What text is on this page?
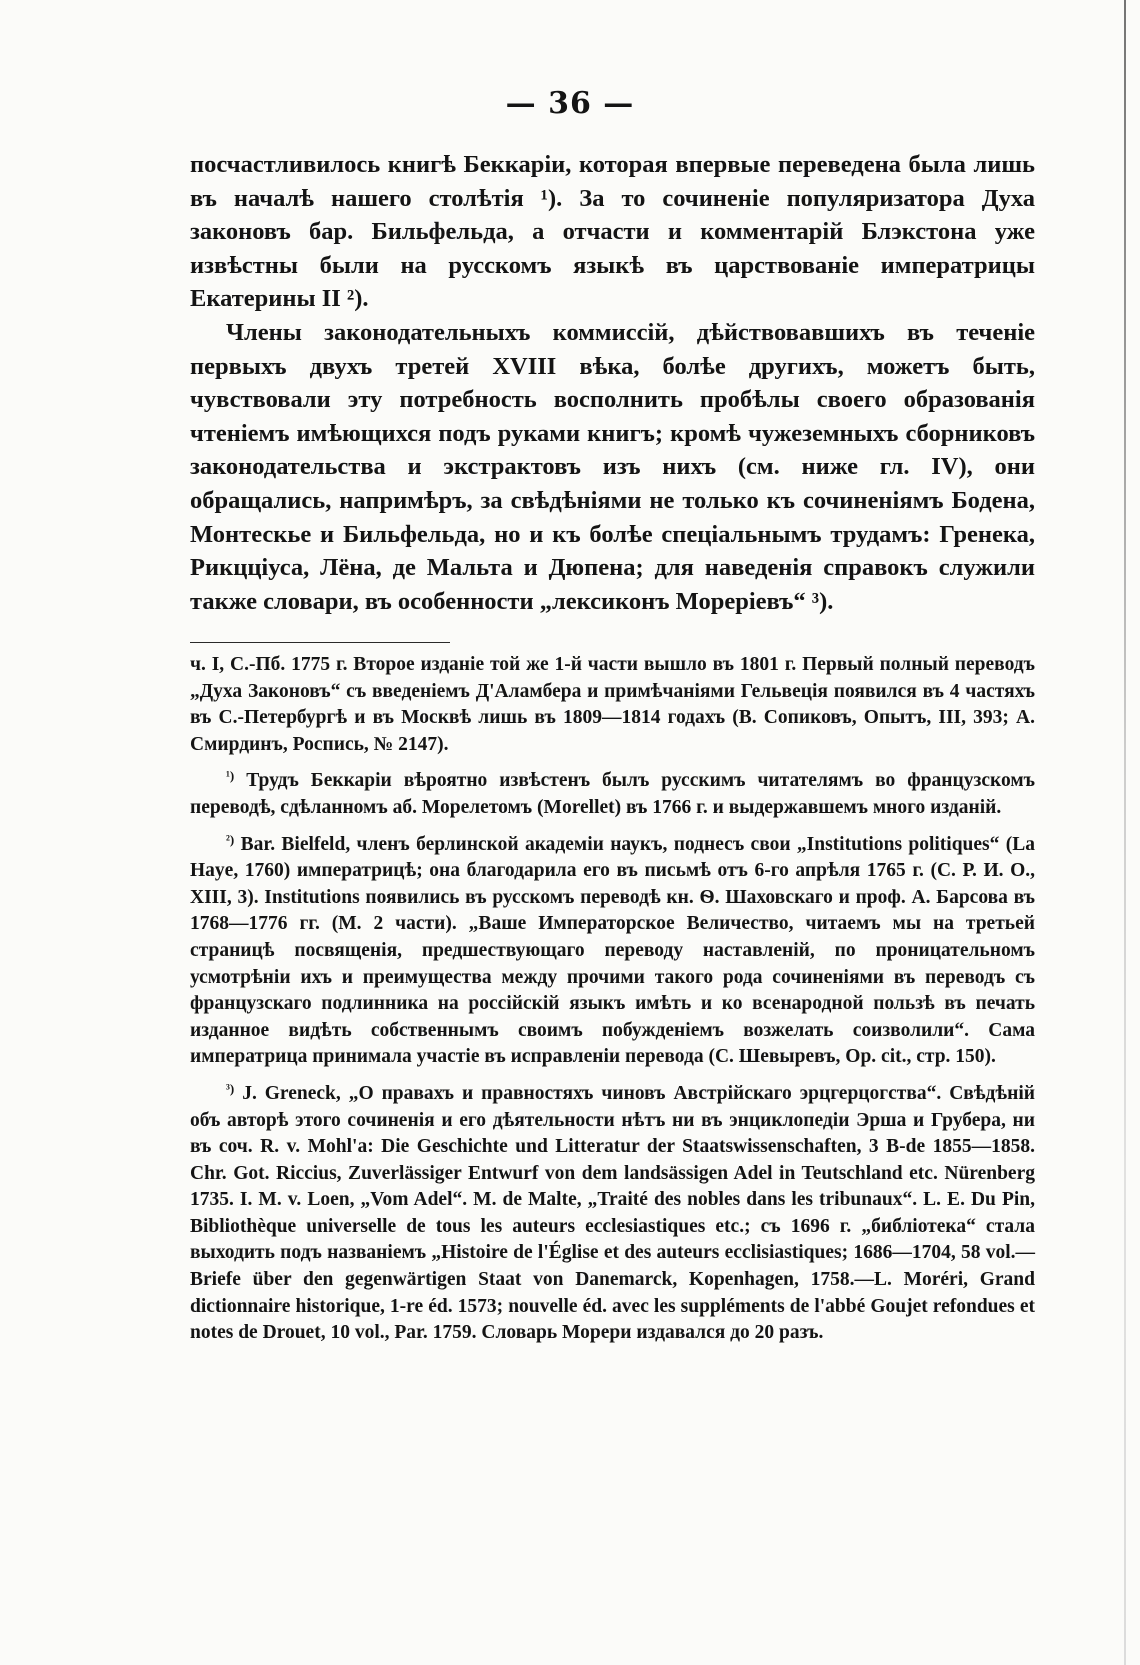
— 36 —

посчастливилось книгѣ Беккаріи, которая впервые переведена была лишь въ началѣ нашего столѣтія ¹). За то сочиненіе популяризатора Духа законовъ бар. Бильфельда, а отчасти и комментарій Блэкстона уже извѣстны были на русскомъ языкѣ въ царствованіе императрицы Екатерины II ²).

Члены законодательныхъ коммиссій, дѣйствовавшихъ въ теченіе первыхъ двухъ третей XVIII вѣка, болѣе другихъ, можетъ быть, чувствовали эту потребность восполнить пробѣлы своего образованія чтеніемъ имѣющихся подъ руками книгъ; кромѣ чужеземныхъ сборниковъ законодательства и экстрактовъ изъ нихъ (см. ниже гл. IV), они обращались, напримѣръ, за свѣдѣніями не только къ сочиненіямъ Бодена, Монтескье и Бильфельда, но и къ болѣе спеціальнымъ трудамъ: Гренека, Рикцціуса, Лёна, де Мальта и Дюпена; для наведенія справокъ служили также словари, въ особенности „лексиконъ Морерiевъ“ ³).

ч. I, С.-Пб. 1775 г. Второе изданіе той же 1-й части вышло въ 1801 г. Первый полный переводъ „Духа Законовъ“ съ введеніемъ Д'Аламбера и примѣчаніями Гельвеція появился въ 4 частяхъ въ С.-Петербургѣ и въ Москвѣ лишь въ 1809—1814 годахъ (В. Сопиковъ, Опытъ, III, 393; А. Смирдинъ, Роспись, № 2147).

$^{^1)}$ Трудъ Беккаріи вѣроятно извѣстенъ былъ русскимъ читателямъ во французскомъ переводѣ, сдѣланномъ аб. Морелетомъ (Morellet) въ 1766 г. и выдержавшемъ много изданій.

$^{^2)}$ Bar. Bielfeld, членъ берлинской академіи наукъ, поднесъ свои „Institutions politiques“ (La Haye, 1760) императрицѣ; она благодарила его въ письмѣ отъ 6-го апрѣля 1765 г. (С. Р. И. О., XIII, 3). Institutions появились въ русскомъ переводѣ кн. Ѳ. Шаховскаго и проф. А. Барсова въ 1768—1776 гг. (М. 2 части). „Ваше Императорское Величество, читаемъ мы на третьей страницѣ посвященія, предшествующаго переводу наставленій, по проницательномъ усмотрѣніи ихъ и преимущества между прочими такого рода сочиненіями въ переводъ съ французскаго подлинника на россійскій языкъ имѣть и ко всенародной пользѣ въ печать изданное видѣть собственнымъ своимъ побужденіемъ возжелать соизволили“. Сама императрица принимала участіе въ исправленіи перевода (С. Шевыревъ, Op. cit., стр. 150).

$^{^3)}$ J. Greneck, „О правахъ и правностяхъ чиновъ Австрійскаго эрцгерцогства“. Свѣдѣній объ авторѣ этого сочиненія и его дѣятельности нѣтъ ни въ энциклопедіи Эрша и Грубера, ни въ соч. R. v. Mohl'a: Die Geschichte und Litteratur der Staatswissenschaften, 3 B-de 1855—1858. Chr. Got. Riccius, Zuverlässiger Entwurf von dem landsässigen Adel in Teutschland etc. Nürenberg 1735. I. M. v. Loen, „Vom Adel“. M. de Malte, „Traité des nobles dans les tribunaux“. L. E. Du Pin, Bibliothèque universelle de tous les auteurs ecclesiastiques etc.; съ 1696 г. „библіотека“ стала выходить подъ названіемъ „Histoire de l'Église et des auteurs ecclisiastiques; 1686—1704, 58 vol.—Briefe über den gegenwärtigen Staat von Danemarck, Kopenhagen, 1758.—L. Moréri, Grand dictionnaire historique, 1-re éd. 1573; nouvelle éd. avec les suppléments de l'abbé Goujet refondues et notes de Drouet, 10 vol., Par. 1759. Словарь Морери издавался до 20 разъ.
